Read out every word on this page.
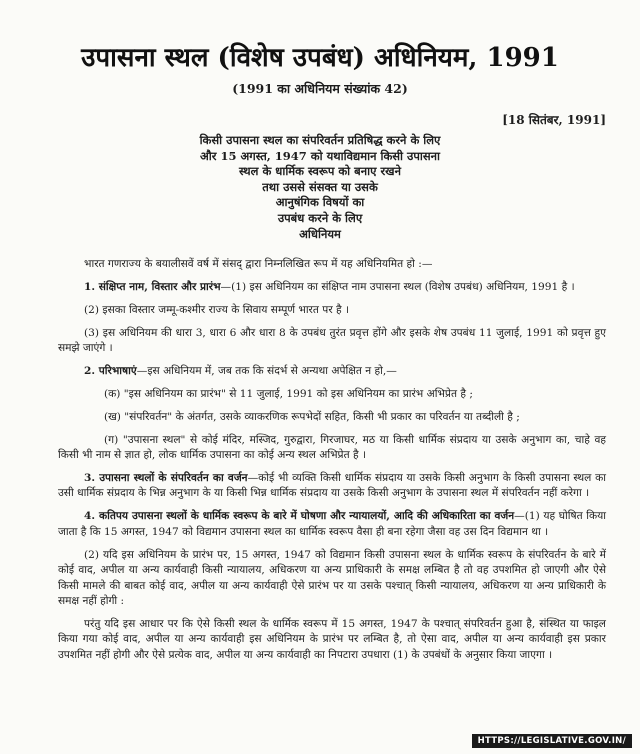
उपासना स्थल (विशेष उपबंध) अधिनियम, 1991
(1991 का अधिनियम संख्यांक 42)
[18 सितंबर, 1991]
किसी उपासना स्थल का संपरिवर्तन प्रतिषिद्ध करने के लिए
और 15 अगस्त, 1947 को यथाविद्यमान किसी उपासना
स्थल के धार्मिक स्वरूप को बनाए रखने
तथा उससे संसक्त या उसके
आनुषंगिक विषयों का
उपबंध करने के लिए
अधिनियम

भारत गणराज्य के बयालीसवें वर्ष में संसद् द्वारा निम्नलिखित रूप में यह अधिनियमित हो :—

1. संक्षिप्त नाम, विस्तार और प्रारंभ—(1) इस अधिनियम का संक्षिप्त नाम उपासना स्थल (विशेष उपबंध) अधिनियम, 1991 है ।

(2) इसका विस्तार जम्मू-कश्मीर राज्य के सिवाय सम्पूर्ण भारत पर है ।

(3) इस अधिनियम की धारा 3, धारा 6 और धारा 8 के उपबंध तुरंत प्रवृत्त होंगे और इसके शेष उपबंध 11 जुलाई, 1991 को प्रवृत्त हुए समझे जाएंगे ।

2. परिभाषाएं—इस अधिनियम में, जब तक कि संदर्भ से अन्यथा अपेक्षित न हो,—

(क) "इस अधिनियम का प्रारंभ" से 11 जुलाई, 1991 को इस अधिनियम का प्रारंभ अभिप्रेत है ;

(ख) "संपरिवर्तन" के अंतर्गत, उसके व्याकरणिक रूपभेदों सहित, किसी भी प्रकार का परिवर्तन या तब्दीली है ;

(ग) "उपासना स्थल" से कोई मंदिर, मस्जिद, गुरुद्वारा, गिरजाघर, मठ या किसी धार्मिक संप्रदाय या उसके अनुभाग का, चाहे वह किसी भी नाम से ज्ञात हो, लोक धार्मिक उपासना का कोई अन्य स्थल अभिप्रेत है ।

3. उपासना स्थलों के संपरिवर्तन का वर्जन—कोई भी व्यक्ति किसी धार्मिक संप्रदाय या उसके किसी अनुभाग के किसी उपासना स्थल का उसी धार्मिक संप्रदाय के भिन्न अनुभाग के या किसी भिन्न धार्मिक संप्रदाय या उसके किसी अनुभाग के उपासना स्थल में संपरिवर्तन नहीं करेगा ।

4. कतिपय उपासना स्थलों के धार्मिक स्वरूप के बारे में घोषणा और न्यायालयों, आदि की अधिकारिता का वर्जन—(1) यह घोषित किया जाता है कि 15 अगस्त, 1947 को विद्यमान उपासना स्थल का धार्मिक स्वरूप वैसा ही बना रहेगा जैसा वह उस दिन विद्यमान था ।

(2) यदि इस अधिनियम के प्रारंभ पर, 15 अगस्त, 1947 को विद्यमान किसी उपासना स्थल के धार्मिक स्वरूप के संपरिवर्तन के बारे में कोई वाद, अपील या अन्य कार्यवाही किसी न्यायालय, अधिकरण या अन्य प्राधिकारी के समक्ष लम्बित है तो वह उपशमित हो जाएगी और ऐसे किसी मामले की बाबत कोई वाद, अपील या अन्य कार्यवाही ऐसे प्रारंभ पर या उसके पश्चात् किसी न्यायालय, अधिकरण या अन्य प्राधिकारी के समक्ष नहीं होगी :

परंतु यदि इस आधार पर कि ऐसे किसी स्थल के धार्मिक स्वरूप में 15 अगस्त, 1947 के पश्चात् संपरिवर्तन हुआ है, संस्थित या फाइल किया गया कोई वाद, अपील या अन्य कार्यवाही इस अधिनियम के प्रारंभ पर लम्बित है, तो ऐसा वाद, अपील या अन्य कार्यवाही इस प्रकार उपशमित नहीं होगी और ऐसे प्रत्येक वाद, अपील या अन्य कार्यवाही का निपटारा उपधारा (1) के उपबंधों के अनुसार किया जाएगा ।

HTTPS://LEGISLATIVE.GOV.IN/
